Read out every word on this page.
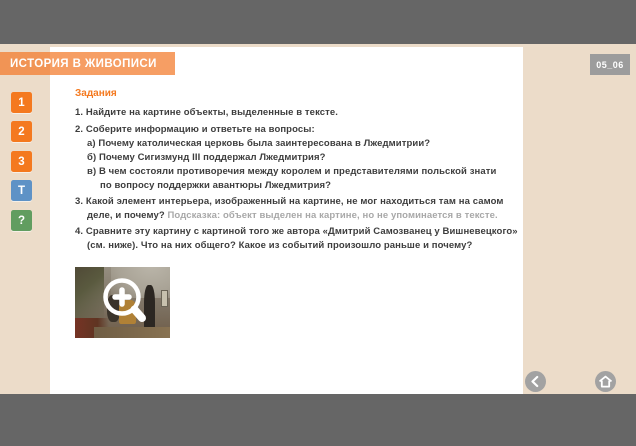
ИСТОРИЯ В ЖИВОПИСИ	05_06
1
2
3
T
?
Задания
1. Найдите на картине объекты, выделенные в тексте.
2. Соберите информацию и ответьте на вопросы:
а) Почему католическая церковь была заинтересована в Лжедмитрии?
б) Почему Сигизмунд III поддержал Лжедмитрия?
в) В чем состояли противоречия между королем и представителями польской знати
по вопросу поддержки авантюры Лжедмитрия?
3. Какой элемент интерьера, изображенный на картине, не мог находиться там на самом
деле, и почему? Подсказка: объект выделен на картине, но не упоминается в тексте.
4. Сравните эту картину с картиной того же автора «Дмитрий Самозванец у Вишневецкого»
(см. ниже). Что на них общего? Какое из событий произошло раньше и почему?
